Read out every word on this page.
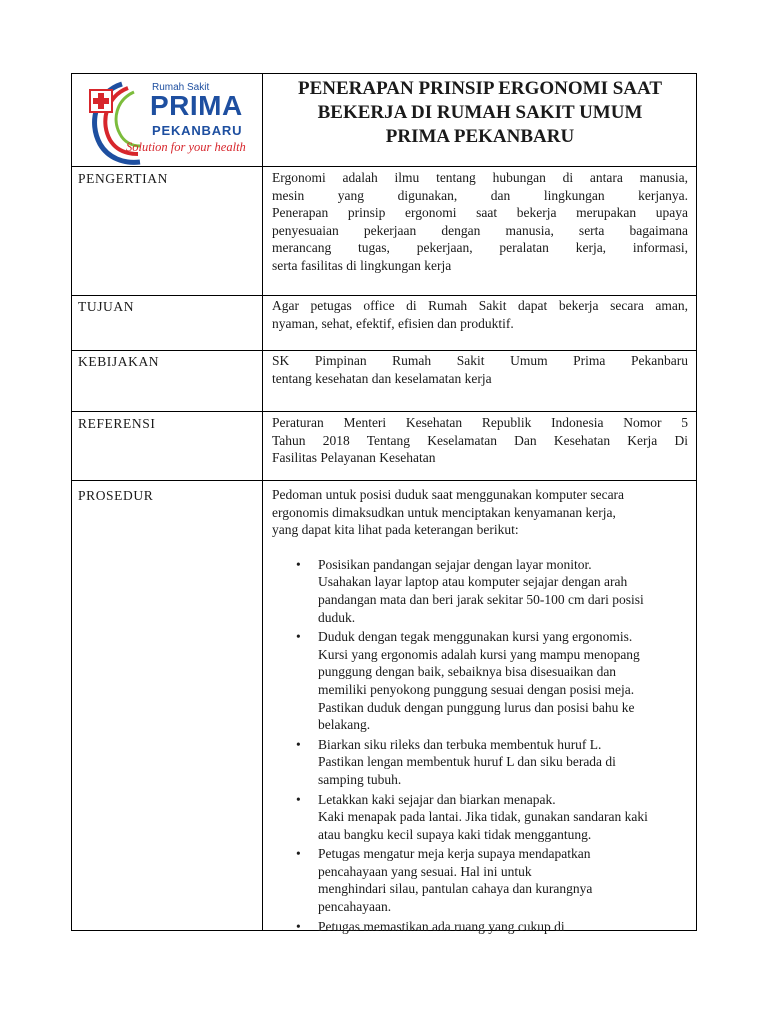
Rumah Sakit
PRIMA
PEKANBARU
Solution for your health
PENERAPAN PRINSIP ERGONOMI SAAT
BEKERJA DI RUMAH SAKIT UMUM
PRIMA PEKANBARU
PENGERTIAN	Ergonomi adalah ilmu tentang hubungan di antara manusia,

mesin yang digunakan, dan lingkungan kerjanya.

Penerapan prinsip ergonomi saat bekerja merupakan upaya

penyesuaian pekerjaan dengan manusia, serta bagaimana

merancang tugas, pekerjaan, peralatan kerja, informasi,

serta fasilitas di lingkungan kerja

TUJUAN	Agar petugas office di Rumah Sakit dapat bekerja secara aman,

nyaman, sehat, efektif, efisien dan produktif.

KEBIJAKAN	SK Pimpinan Rumah Sakit Umum Prima Pekanbaru

tentang kesehatan dan keselamatan kerja

REFERENSI	Peraturan Menteri Kesehatan Republik Indonesia Nomor 5

Tahun 2018 Tentang Keselamatan Dan Kesehatan Kerja Di

Fasilitas Pelayanan Kesehatan

PROSEDUR	Pedoman untuk posisi duduk saat menggunakan komputer secara

ergonomis dimaksudkan untuk menciptakan kenyamanan kerja,

yang dapat kita lihat pada keterangan berikut:

• Posisikan pandangan sejajar dengan layar monitor.
Usahakan layar laptop atau komputer sejajar dengan arah
pandangan mata dan beri jarak sekitar 50-100 cm dari posisi
duduk.
• Duduk dengan tegak menggunakan kursi yang ergonomis.
Kursi yang ergonomis adalah kursi yang mampu menopang
punggung dengan baik, sebaiknya bisa disesuaikan dan
memiliki penyokong punggung sesuai dengan posisi meja.
Pastikan duduk dengan punggung lurus dan posisi bahu ke
belakang.
• Biarkan siku rileks dan terbuka membentuk huruf L.
Pastikan lengan membentuk huruf L dan siku berada di
samping tubuh.
• Letakkan kaki sejajar dan biarkan menapak.
Kaki menapak pada lantai. Jika tidak, gunakan sandaran kaki
atau bangku kecil supaya kaki tidak menggantung.
• Petugas mengatur meja kerja supaya mendapatkan
pencahayaan yang sesuai. Hal ini untuk
menghindari silau, pantulan cahaya dan kurangnya
pencahayaan.
• Petugas memastikan ada ruang yang cukup di
